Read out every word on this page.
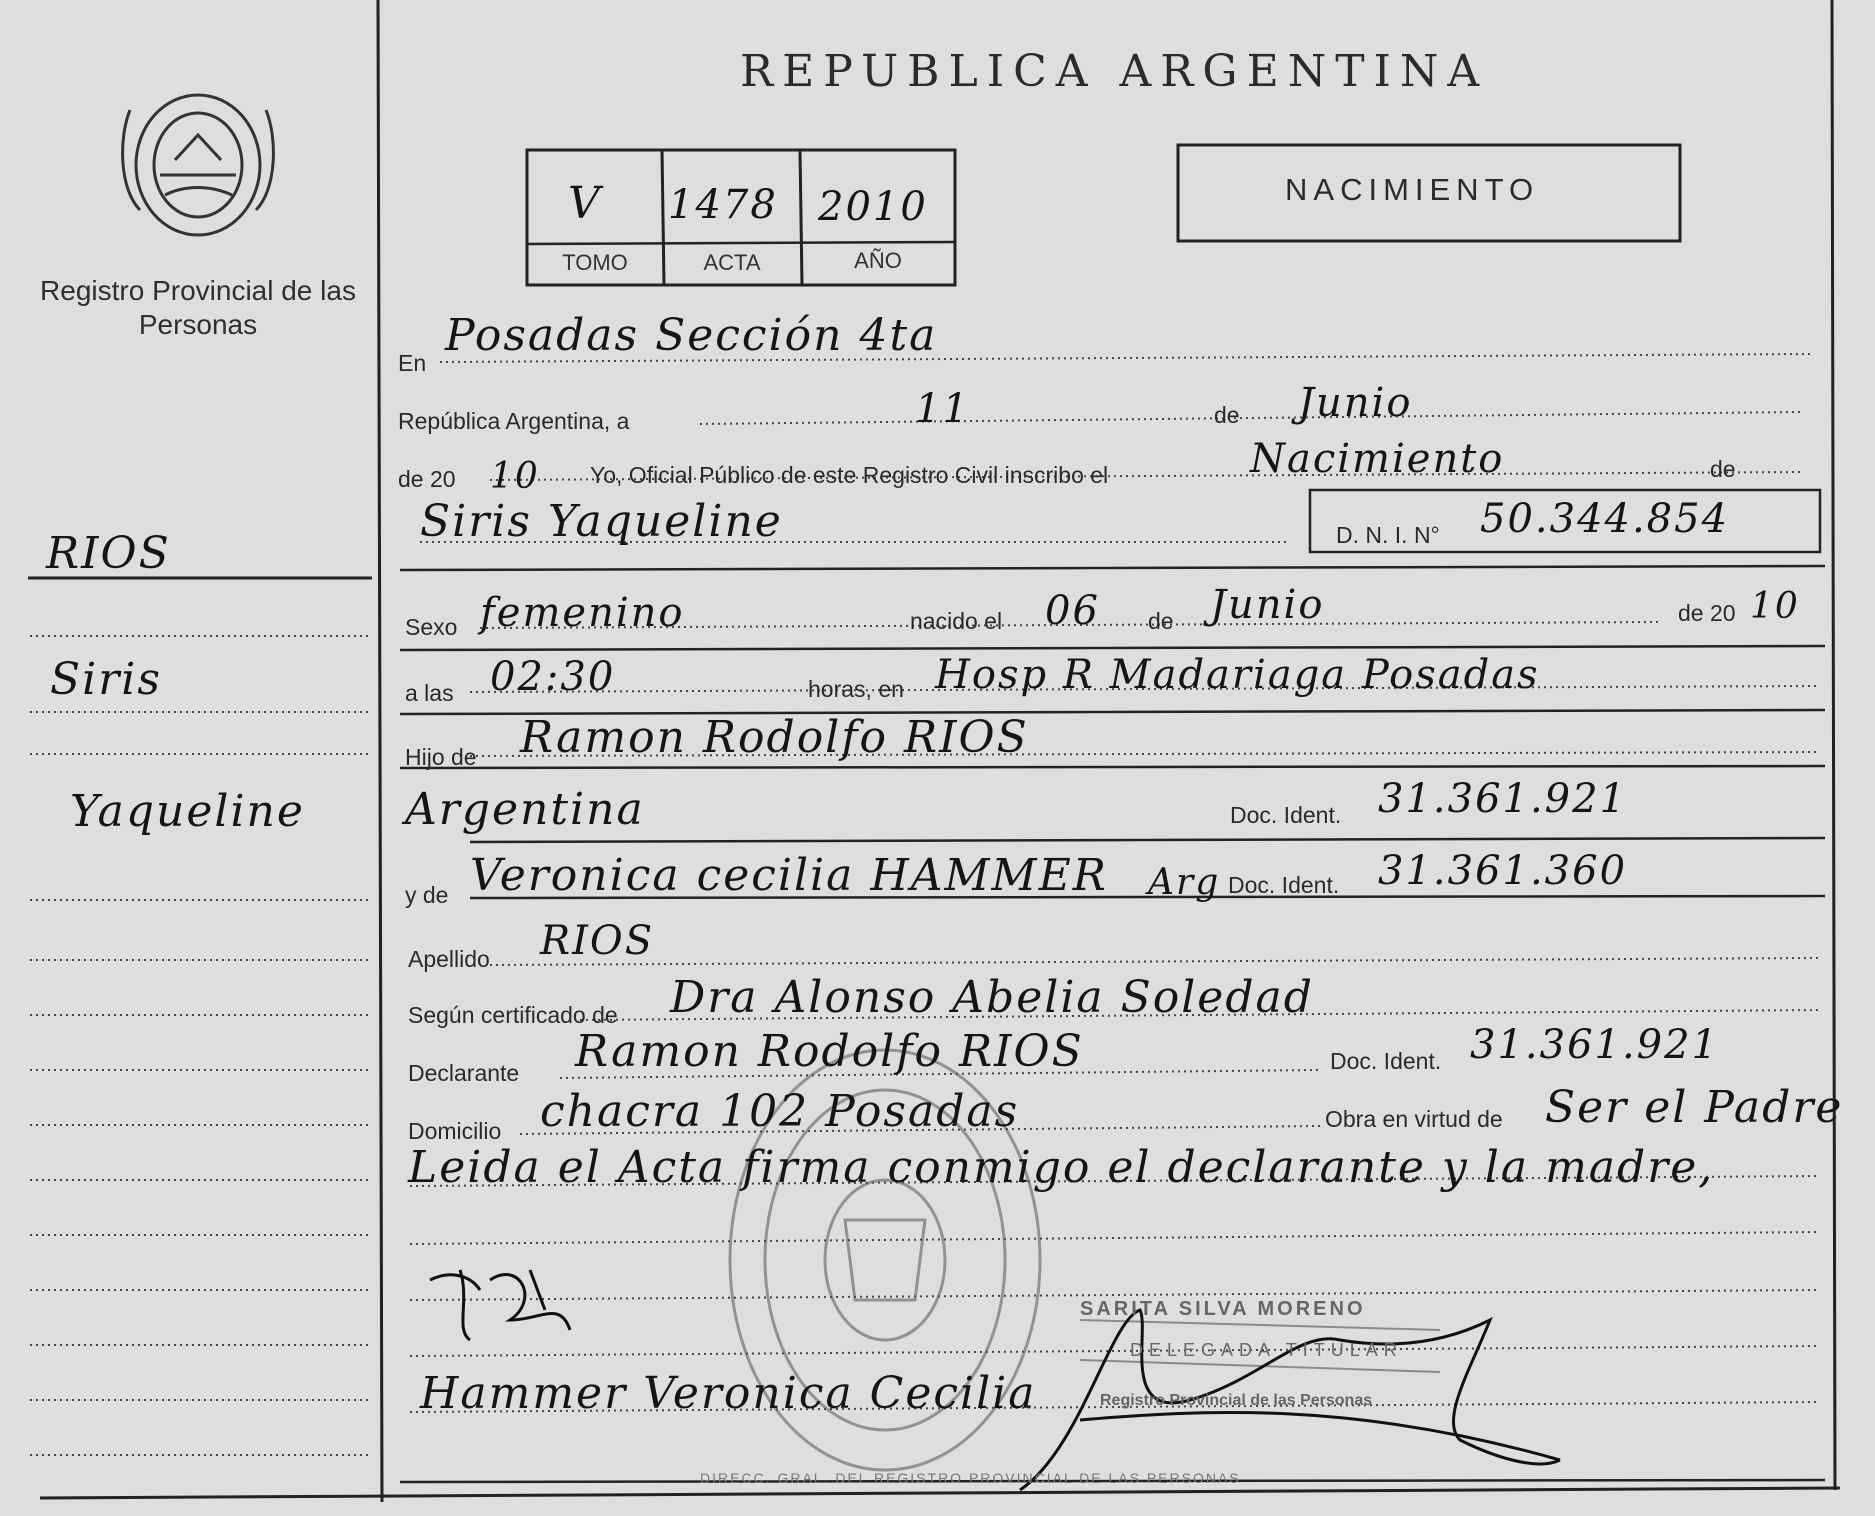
REPUBLICA ARGENTINA
NACIMIENTO
Registro Provincial de las Personas
V 1478 2010
TOMO	ACTA	AÑO
RIOS
Siris
Yaqueline
En
Posadas Sección 4ta
República Argentina, a	11	de Junio
de 20 10 Yo, Oficial Público de este Registro Civil inscribo el	Nacimiento	de
Siris Yaqueline	D. N. I. N° 50.344.854
Sexo femenino	nacido el 06 de Junio	de 20 10
a las 02:30	horas, en Hosp R Madariaga Posadas
Hijo de Ramon Rodolfo RIOS
Argentina	Doc. Ident. 31.361.921
y de Veronica cecilia HAMMER Arg Doc. Ident. 31.361.360
Apellido RIOS
Según certificado de Dra Alonso Abelia Soledad
Declarante Ramon Rodolfo RIOS	Doc. Ident. 31.361.921
Domicilio chacra 102 Posadas	Obra en virtud de Ser el Padre
Leida el Acta firma conmigo el declarante y la madre,
Hammer Veronica Cecilia
SARITA SILVA MORENO
DELEGADA TITULAR
Registro Provincial de las Personas
DIRECC. GRAL. DEL REGISTRO PROVINCIAL DE LAS PERSONAS
